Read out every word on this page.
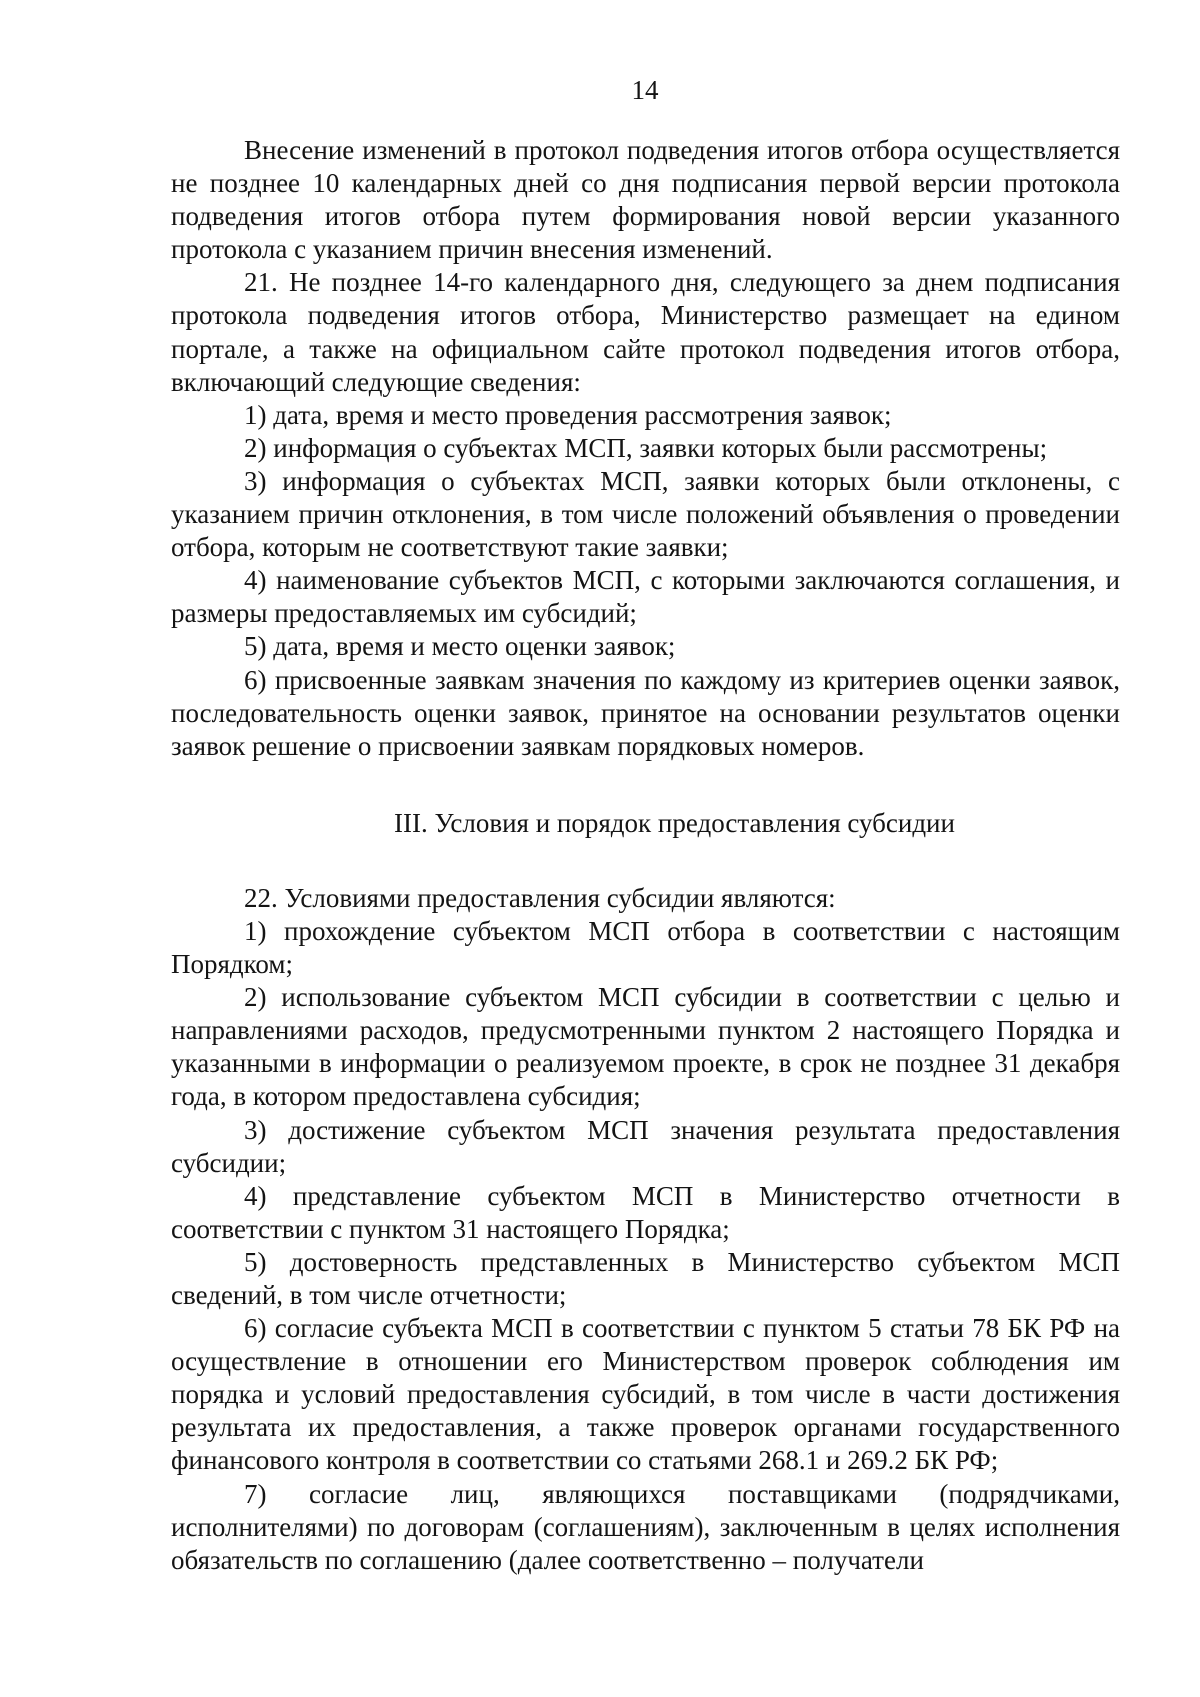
14

Внесение изменений в протокол подведения итогов отбора осуществляется не позднее 10 календарных дней со дня подписания первой версии протокола подведения итогов отбора путем формирования новой версии указанного протокола с указанием причин внесения изменений.

21. Не позднее 14-го календарного дня, следующего за днем подписания протокола подведения итогов отбора, Министерство размещает на едином портале, а также на официальном сайте протокол подведения итогов отбора, включающий следующие сведения:

1) дата, время и место проведения рассмотрения заявок;

2) информация о субъектах МСП, заявки которых были рассмотрены;

3) информация о субъектах МСП, заявки которых были отклонены, с указанием причин отклонения, в том числе положений объявления о проведении отбора, которым не соответствуют такие заявки;

4) наименование субъектов МСП, с которыми заключаются соглашения, и размеры предоставляемых им субсидий;

5) дата, время и место оценки заявок;

6) присвоенные заявкам значения по каждому из критериев оценки заявок, последовательность оценки заявок, принятое на основании результатов оценки заявок решение о присвоении заявкам порядковых номеров.

III. Условия и порядок предоставления субсидии

22. Условиями предоставления субсидии являются:

1) прохождение субъектом МСП отбора в соответствии с настоящим Порядком;

2) использование субъектом МСП субсидии в соответствии с целью и направлениями расходов, предусмотренными пунктом 2 настоящего Порядка и указанными в информации о реализуемом проекте, в срок не позднее 31 декабря года, в котором предоставлена субсидия;

3) достижение субъектом МСП значения результата предоставления субсидии;

4) представление субъектом МСП в Министерство отчетности в соответствии с пунктом 31 настоящего Порядка;

5) достоверность представленных в Министерство субъектом МСП сведений, в том числе отчетности;

6) согласие субъекта МСП в соответствии с пунктом 5 статьи 78 БК РФ на осуществление в отношении его Министерством проверок соблюдения им порядка и условий предоставления субсидий, в том числе в части достижения результата их предоставления, а также проверок органами государственного финансового контроля в соответствии со статьями 268.1 и 269.2 БК РФ;

7) согласие лиц, являющихся поставщиками (подрядчиками, исполнителями) по договорам (соглашениям), заключенным в целях исполнения обязательств по соглашению (далее соответственно – получатели
